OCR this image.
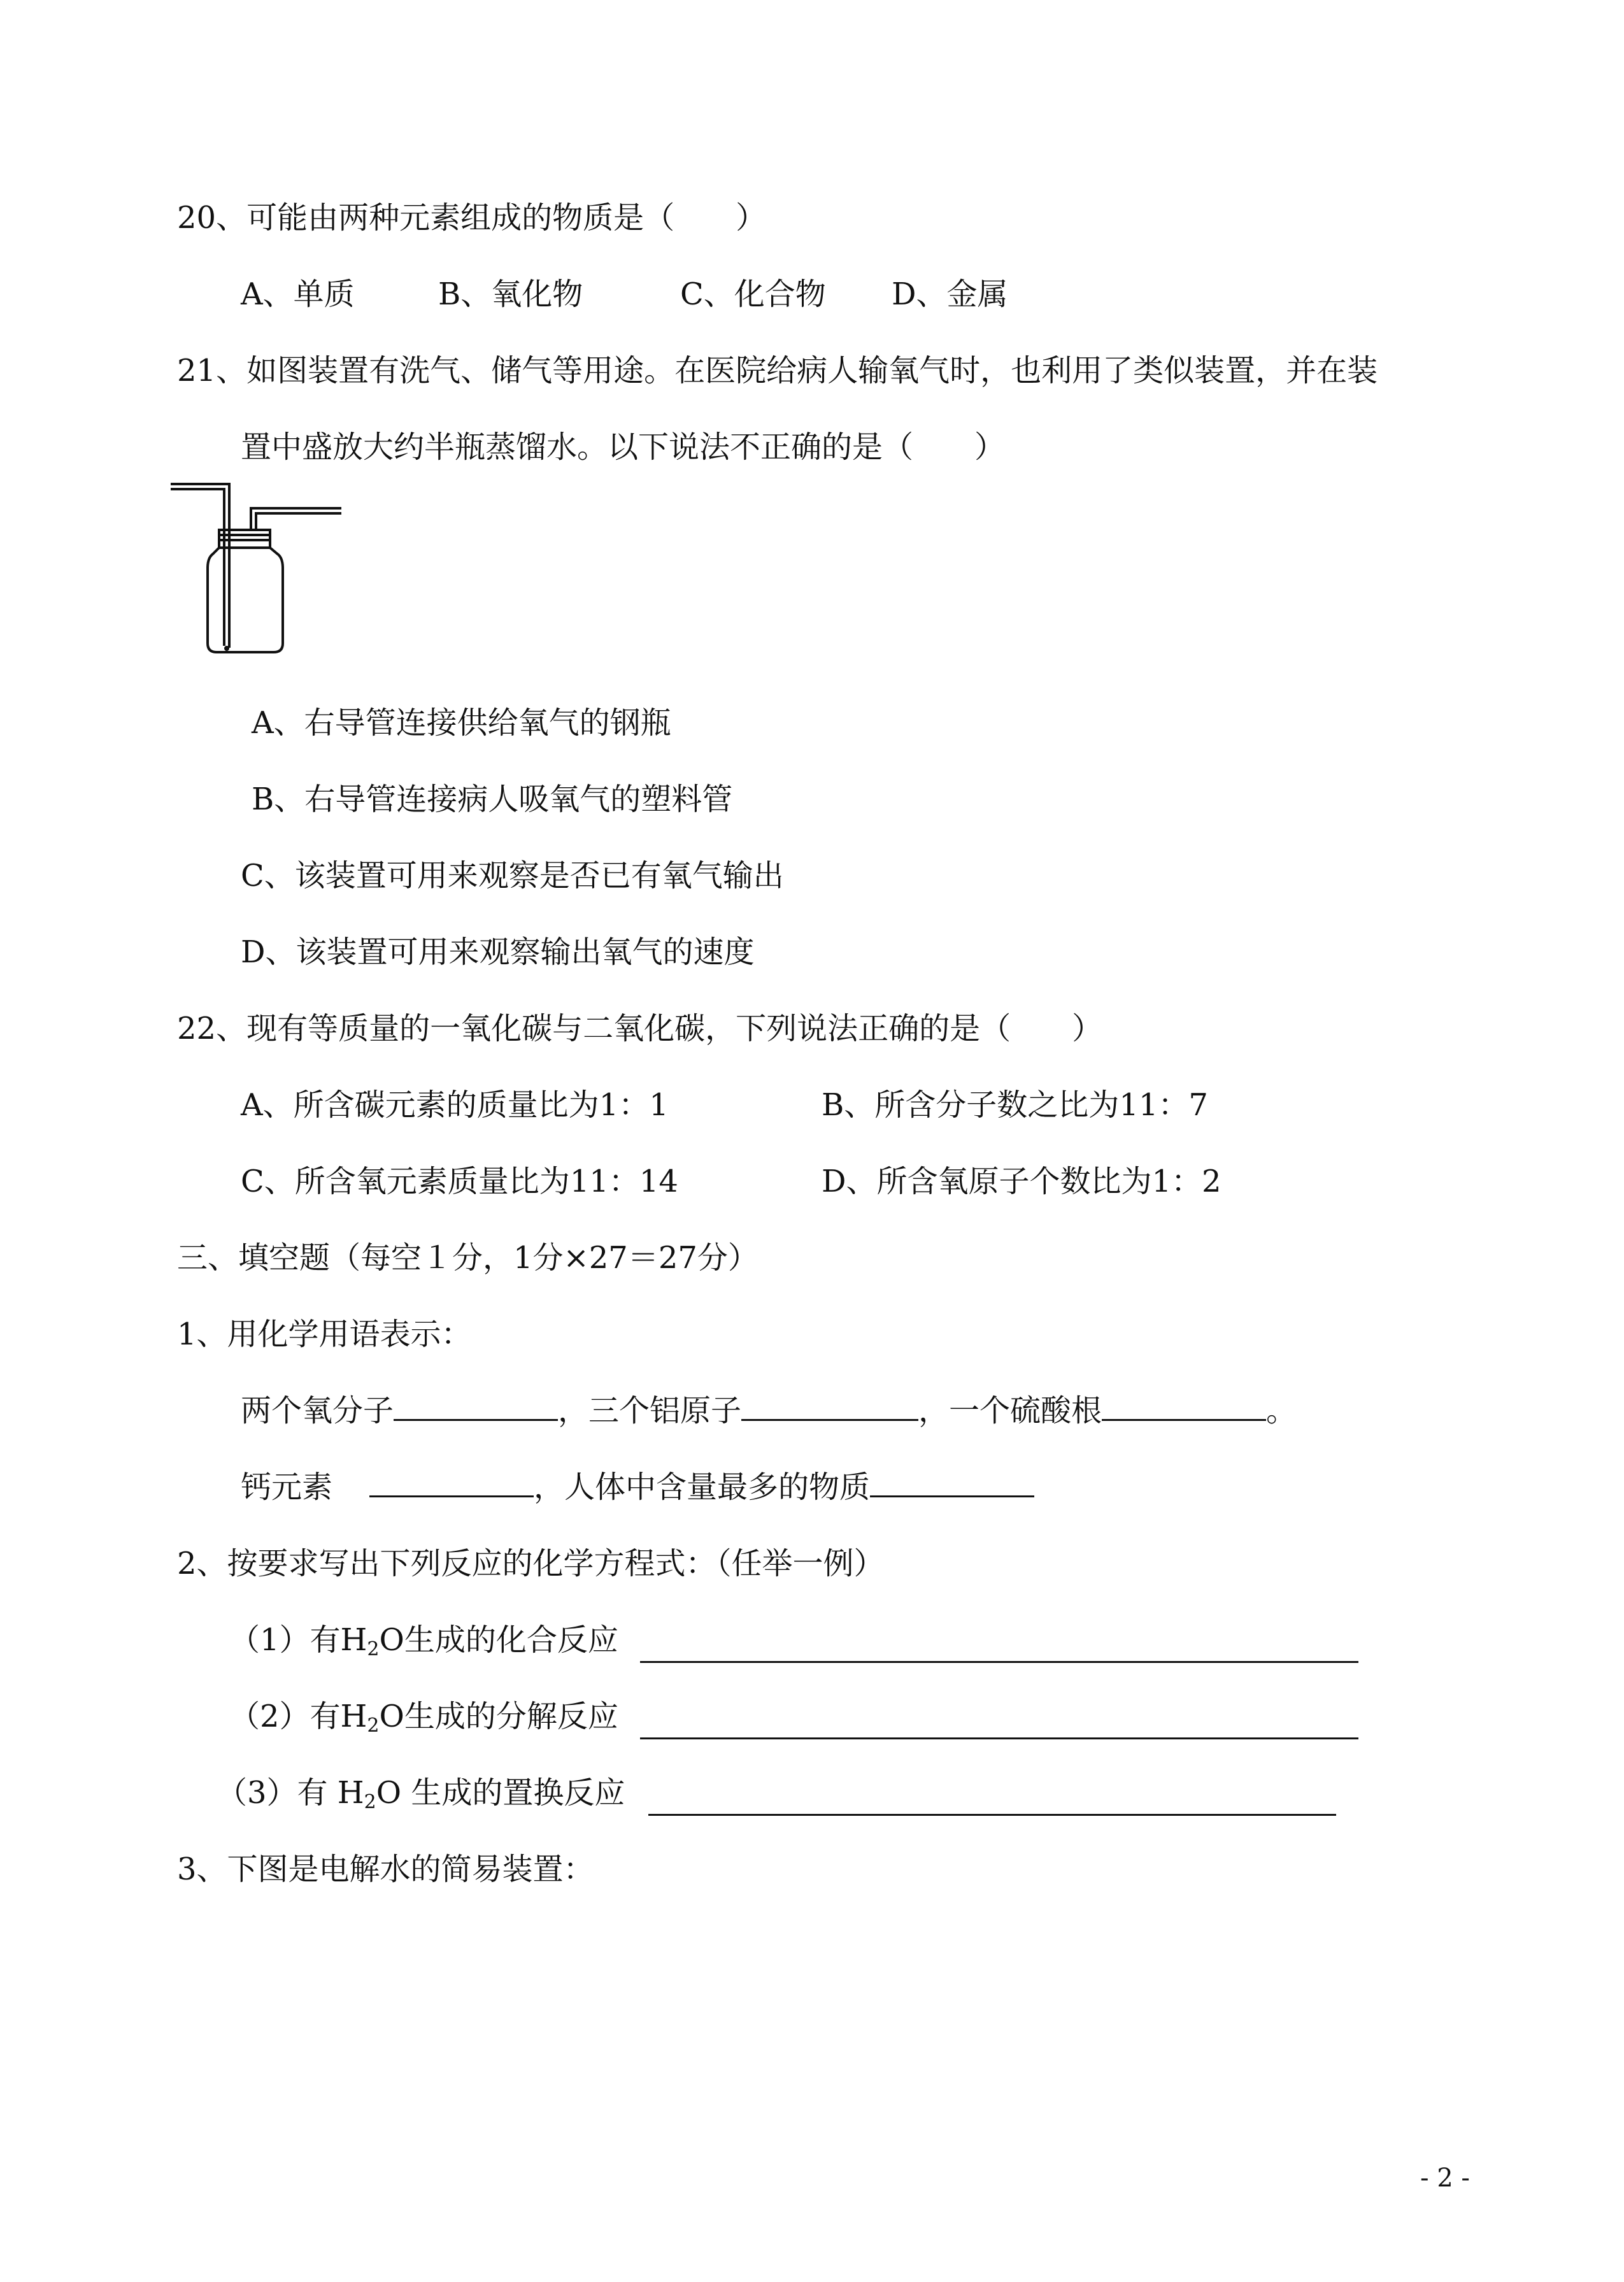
20、可能由两种元素组成的物质是（　　）
A、单质	B、氧化物	C、化合物 D、金属
21、如图装置有洗气、储气等用途。在医院给病人输氧气时，也利用了类似装置，并在装
置中盛放大约半瓶蒸馏水。以下说法不正确的是（　　）
A、右导管连接供给氧气的钢瓶
B、右导管连接病人吸氧气的塑料管
C、该装置可用来观察是否已有氧气输出
D、该装置可用来观察输出氧气的速度
22、现有等质量的一氧化碳与二氧化碳，下列说法正确的是（　　）
A、所含碳元素的质量比为1：1	B、所含分子数之比为11：7
C、所含氧元素质量比为11：14	D、所含氧原子个数比为1：2
三、填空题（每空１分，1分×27＝27分）
1、用化学用语表示：
两个氧分子	，三个铝原子	，一个硫酸根	。
钙元素	，人体中含量最多的物质
2、按要求写出下列反应的化学方程式：（任举一例）
（1）有$H_2O$生成的化合反应
（2）有$H_2O$生成的分解反应
（3）有 $H_2O$ 生成的置换反应
3、下图是电解水的简易装置：
- 2 -
